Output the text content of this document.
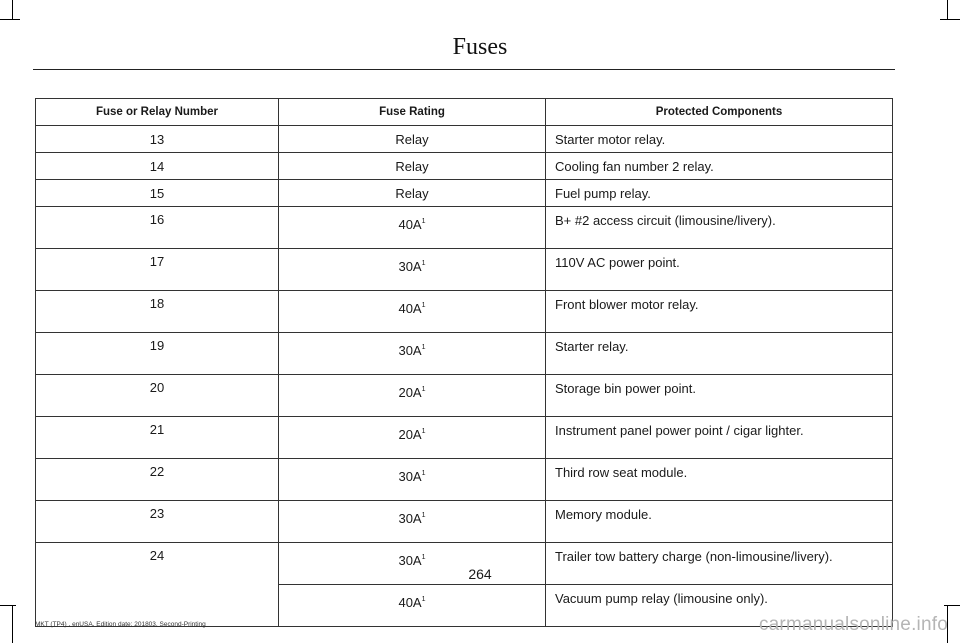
Fuses
Fuse or Relay Number	Fuse Rating	Protected Components
13	Relay	Starter motor relay.
14	Relay	Cooling fan number 2 relay.
15	Relay	Fuel pump relay.
16	$40A^1$	B+ #2 access circuit (limousine/livery).
17	$30A^1$	110V AC power point.
18	$40A^1$	Front blower motor relay.
19	$30A^1$	Starter relay.
20	$20A^1$	Storage bin power point.
21	$20A^1$	Instrument panel power point / cigar lighter.
22	$30A^1$	Third row seat module.
23	$30A^1$	Memory module.
24	$30A^1$	Trailer tow battery charge (non-limousine/livery).
	$40A^1$	Vacuum pump relay (limousine only).
264
MKT (TP4) , enUSA, Edition date: 201803, Second-Printing	carmanualsonline.info
